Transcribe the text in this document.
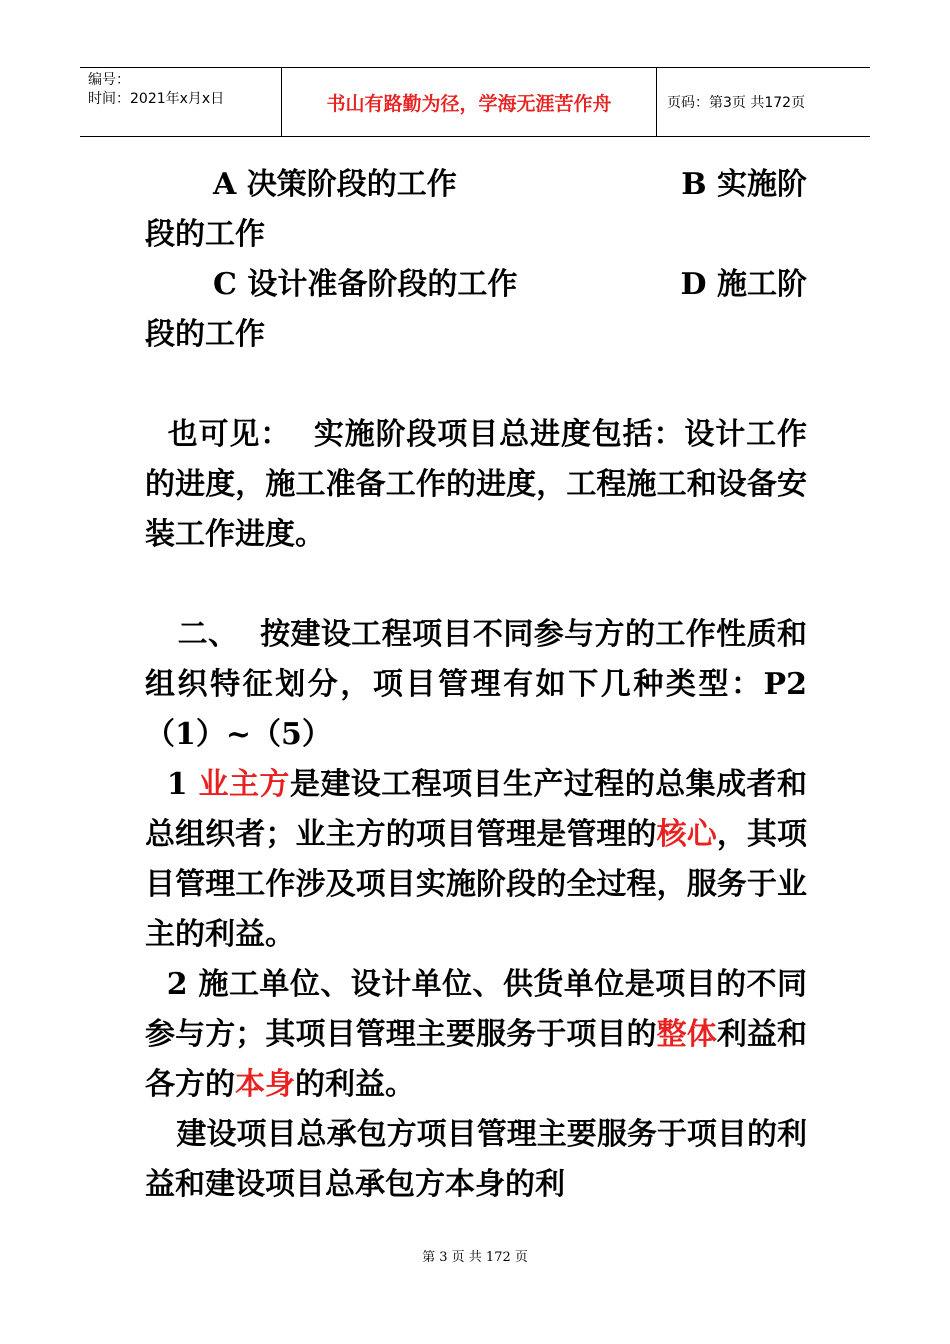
编号：
时间：2021年x月x日	书山有路勤为径，学海无涯苦作舟	页码：第3页 共172页
A 决策阶段的工作	B 实施阶
段的工作
C 设计准备阶段的工作	D 施工阶
段的工作
也可见：  实施阶段项目总进度包括：设计工作的进度，施工准备工作的进度，工程施工和设备安装工作进度。
二、  按建设工程项目不同参与方的工作性质和组织特征划分，项目管理有如下几种类型：P2 （1）~（5）
1 业主方是建设工程项目生产过程的总集成者和总组织者；业主方的项目管理是管理的核心，其项目管理工作涉及项目实施阶段的全过程，服务于业主的利益。
2 施工单位、设计单位、供货单位是项目的不同参与方；其项目管理主要服务于项目的整体利益和各方的本身的利益。
建设项目总承包方项目管理主要服务于项目的利益和建设项目总承包方本身的利
第 3 页 共 172 页
